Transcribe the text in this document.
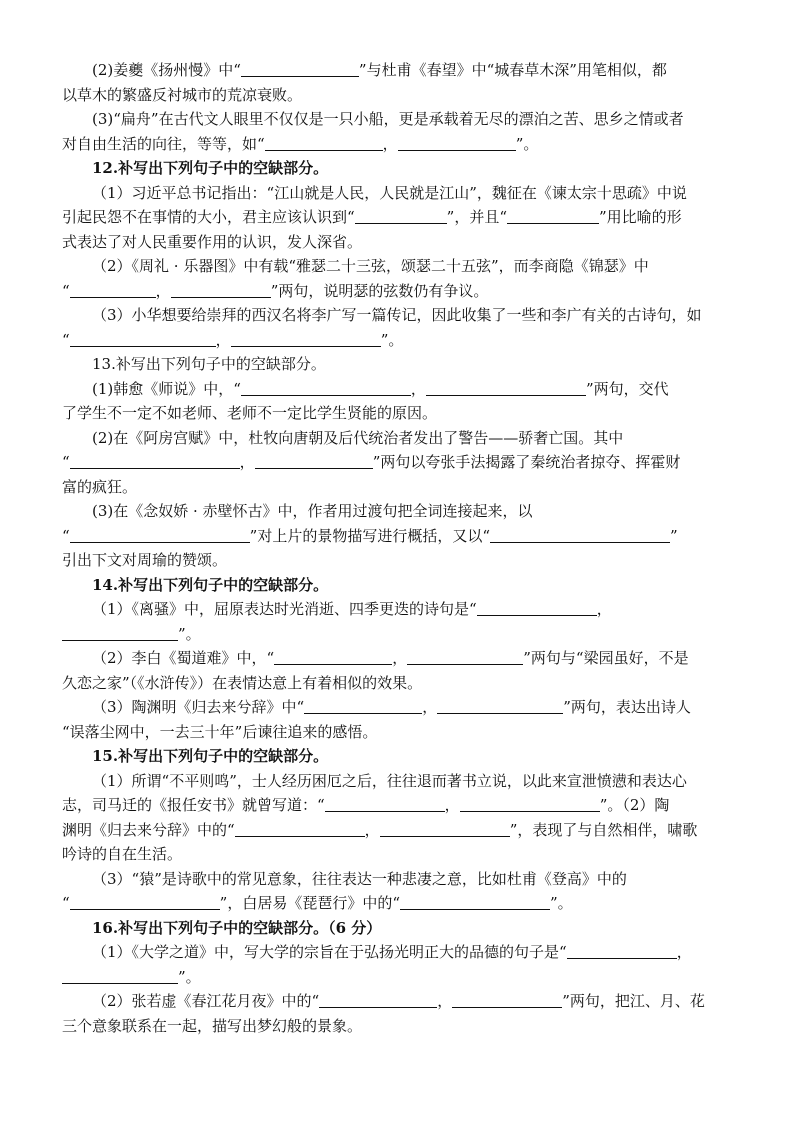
(2)姜夔《扬州慢》中“	”与杜甫《春望》中“城春草木深”用笔相似，都

以草木的繁盛反衬城市的荒凉衰败。

(3)“扁舟”在古代文人眼里不仅仅是一只小船，更是承载着无尽的漂泊之苦、思乡之情或者

对自由生活的向往，等等，如“	，	”。

12.补写出下列句子中的空缺部分。

（1）习近平总书记指出：“江山就是人民，人民就是江山”，魏征在《谏太宗十思疏》中说

引起民怨不在事情的大小，君主应该认识到“	”，并且“	”用比喻的形

式表达了对人民重要作用的认识，发人深省。

（2）《周礼 · 乐器图》中有载“雅瑟二十三弦，颂瑟二十五弦”，而李商隐《锦瑟》中

“	，	”两句，说明瑟的弦数仍有争议。

（3）小华想要给崇拜的西汉名将李广写一篇传记，因此收集了一些和李广有关的古诗句，如

“	，	”。

13.补写出下列句子中的空缺部分。

(1)韩愈《师说》中，“	，	”两句，交代

了学生不一定不如老师、老师不一定比学生贤能的原因。

(2)在《阿房宫赋》中，杜牧向唐朝及后代统治者发出了警告——骄奢亡国。其中

“	，	”两句以夸张手法揭露了秦统治者掠夺、挥霍财

富的疯狂。

(3)在《念奴娇 · 赤壁怀古》中，作者用过渡句把全词连接起来，以

“	”对上片的景物描写进行概括，又以“	”

引出下文对周瑜的赞颂。

14.补写出下列句子中的空缺部分。

（1）《离骚》中，屈原表达时光消逝、四季更迭的诗句是“	，

”。

（2）李白《蜀道难》中，“	，	”两句与“梁园虽好，不是

久恋之家”（《水浒传》）在表情达意上有着相似的效果。

（3）陶渊明《归去来兮辞》中“	，	”两句，表达出诗人

“误落尘网中，一去三十年”后谏往追来的感悟。

15.补写出下列句子中的空缺部分。

（1）所谓“不平则鸣”，士人经历困厄之后，往往退而著书立说，以此来宣泄愤懑和表达心

志，司马迁的《报任安书》就曾写道：“	，	”。（2）陶

渊明《归去来兮辞》中的“	，	”，表现了与自然相伴，啸歌

吟诗的自在生活。

（3）“猿”是诗歌中的常见意象，往往表达一种悲凄之意，比如杜甫《登高》中的

“	”，白居易《琵琶行》中的“	”。

16.补写出下列句子中的空缺部分。（6 分）

（1）《大学之道》中，写大学的宗旨在于弘扬光明正大的品德的句子是“	，

”。

（2）张若虚《春江花月夜》中的“	，	”两句，把江、月、花

三个意象联系在一起，描写出梦幻般的景象。
